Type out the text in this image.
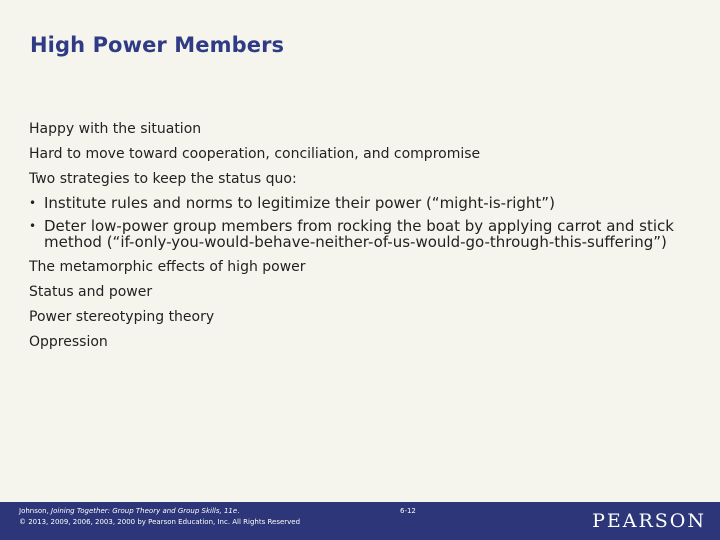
High Power Members

Happy with the situation

Hard to move toward cooperation, conciliation, and compromise

Two strategies to keep the status quo:

• Institute rules and norms to legitimize their power (“might-is-right”)

• Deter low-power group members from rocking the boat by applying carrot and stick method (“if-only-you-would-behave-neither-of-us-would-go-through-this-suffering”)

The metamorphic effects of high power

Status and power

Power stereotyping theory

Oppression

Johnson, Joining Together: Group Theory and Group Skills, 11e.
© 2013, 2009, 2006, 2003, 2000 by Pearson Education, Inc. All Rights Reserved
6-12	PEARSON
